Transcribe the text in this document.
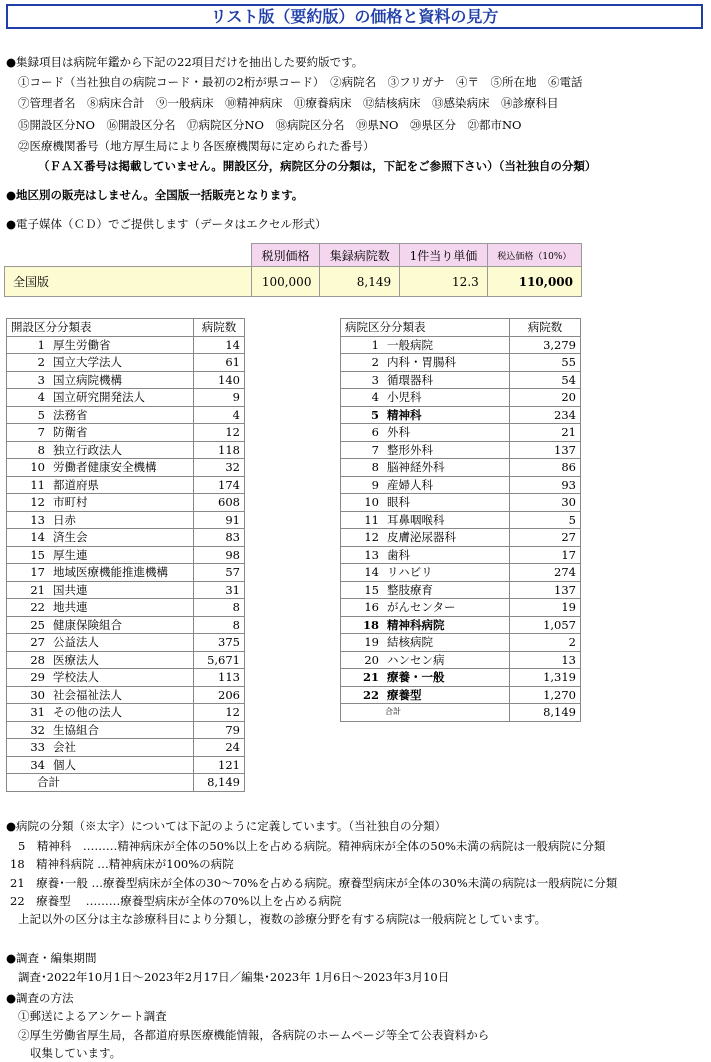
リスト版（要約版）の価格と資料の見方
●集録項目は病院年鑑から下記の22項目だけを抽出した要約版です。
①コード（当社独自の病院コード・最初の2桁が県コード）　②病院名　③フリガナ　④〒　⑤所在地　⑥電話
⑦管理者名　⑧病床合計　⑨一般病床　⑩精神病床　⑪療養病床　⑫結核病床　⑬感染病床　⑭診療科目
⑮開設区分NO　⑯開設区分名　⑰病院区分NO　⑱病院区分名　⑲県NO　⑳県区分　㉑都市NO
㉒医療機関番号（地方厚生局により各医療機関毎に定められた番号）
（ＦＡＸ番号は掲載していません。開設区分，病院区分の分類は，下記をご参照下さい）（当社独自の分類）
●地区別の販売はしません。全国版一括販売となります。
●電子媒体（ＣＤ）でご提供します（データはエクセル形式）
	税別価格	集録病院数	1件当り単価	税込価格（10%）
全国版	100,000	8,149	12.3	110,000
開設区分分類表		病院数
1	厚生労働省	14
2	国立大学法人	61
3	国立病院機構	140
4	国立研究開発法人	9
5	法務省	4
7	防衛省	12
8	独立行政法人	118
10	労働者健康安全機構	32
11	都道府県	174
12	市町村	608
13	日赤	91
14	済生会	83
15	厚生連	98
17	地域医療機能推進機構	57
21	国共連	31
22	地共連	8
25	健康保険組合	8
27	公益法人	375
28	医療法人	5,671
29	学校法人	113
30	社会福祉法人	206
31	その他の法人	12
32	生協組合	79
33	会社	24
34	個人	121
合計		8,149
病院区分分類表		病院数
1	一般病院	3,279
2	内科・胃腸科	55
3	循環器科	54
4	小児科	20
5	精神科	234
6	外科	21
7	整形外科	137
8	脳神経外科	86
9	産婦人科	93
10	眼科	30
11	耳鼻咽喉科	5
12	皮膚泌尿器科	27
13	歯科	17
14	リハビリ	274
15	整肢療育	137
16	がんセンター	19
18	精神科病院	1,057
19	結核病院	2
20	ハンセン病	13
21	療養・一般	1,319
22	療養型	1,270
合計		8,149
●病院の分類（※太字）については下記のように定義しています。（当社独自の分類）
5　精神科　………精神病床が全体の50%以上を占める病院。精神病床が全体の50%未満の病院は一般病院に分類
18　精神科病院 …精神病床が100%の病院
21　療養･一般 …療養型病床が全体の30～70%を占める病院。療養型病床が全体の30%未満の病院は一般病院に分類
22　療養型　 ………療養型病床が全体の70%以上を占める病院
上記以外の区分は主な診療科目により分類し，複数の診療分野を有する病院は一般病院としています。
●調査・編集期間
調査･2022年10月1日～2023年2月17日／編集･2023年 1月6日～2023年3月10日
●調査の方法
①郵送によるアンケート調査
②厚生労働省厚生局，各都道府県医療機能情報，各病院のホームページ等全て公表資料から
収集しています。
